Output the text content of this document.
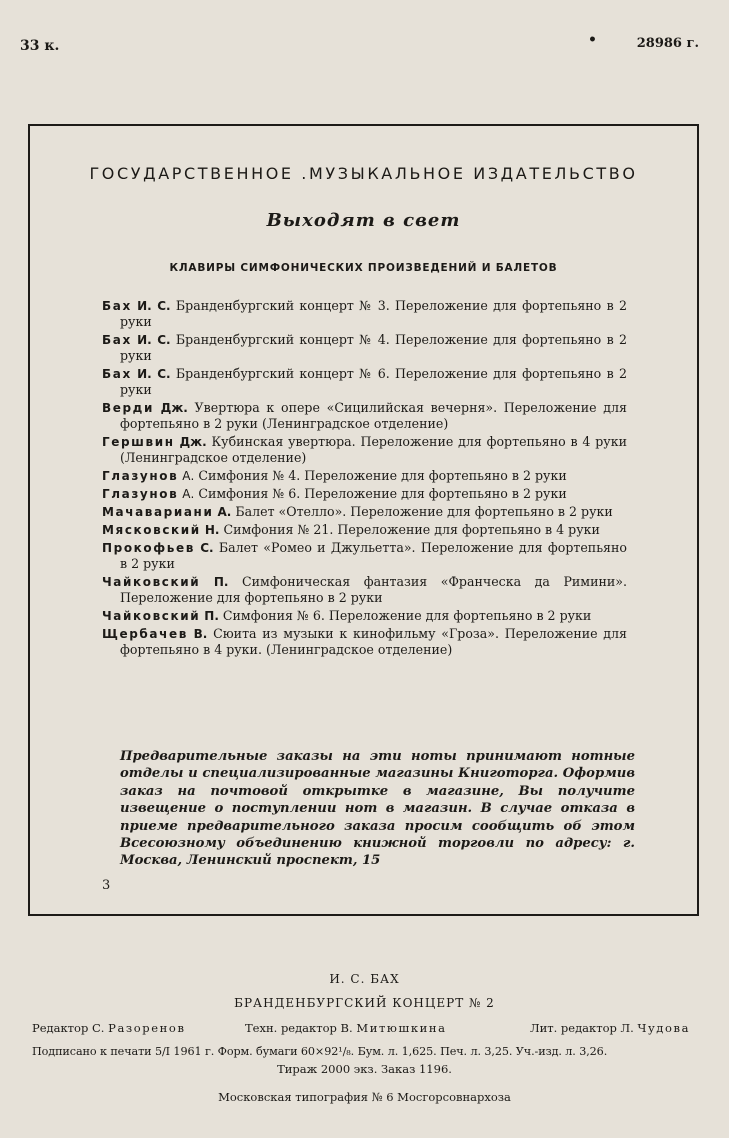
33 к.	•	28986 г.
ГОСУДАРСТВЕННОЕ .МУЗЫКАЛЬНОЕ ИЗДАТЕЛЬСТВО
Выходят в свет
КЛАВИРЫ СИМФОНИЧЕСКИХ ПРОИЗВЕДЕНИЙ И БАЛЕТОВ
Бах И. С. Бранденбургский концерт № 3. Переложение для фортепьяно в 2 руки
Бах И. С. Бранденбургский концерт № 4. Переложение для фортепьяно в 2 руки
Бах И. С. Бранденбургский концерт № 6. Переложение для фортепьяно в 2 руки
Верди Дж. Увертюра к опере «Сицилийская вечерня». Переложение для фортепьяно в 2 руки (Ленинградское отделение)
Гершвин Дж. Кубинская увертюра. Переложение для фортепьяно в 4 руки (Ленинградское отделение)
Глазунов А. Симфония № 4. Переложение для фортепьяно в 2 руки
Глазунов А. Симфония № 6. Переложение для фортепьяно в 2 руки
Мачавариани А. Балет «Отелло». Переложение для фортепьяно в 2 руки
Мясковский Н. Симфония № 21. Переложение для фортепьяно в 4 руки
Прокофьев С. Балет «Ромео и Джульетта». Переложение для фортепьяно в 2 руки
Чайковский П. Симфоническая фантазия «Франческа да Римини». Переложение для фортепьяно в 2 руки
Чайковский П. Симфония № 6. Переложение для фортепьяно в 2 руки
Щербачев В. Сюита из музыки к кинофильму «Гроза». Переложение для фортепьяно в 4 руки. (Ленинградское отделение)
Предварительные заказы на эти ноты принимают нотные отделы и специализированные магазины Книготорга. Оформив заказ на почтовой открытке в магазине, Вы получите извещение о поступлении нот в магазин. В случае отказа в приеме предварительного заказа просим сообщить об этом Всесоюзному объединению книжной торговли по адресу: г. Москва, Ленинский проспект, 15
3
И. С. БАХ
БРАНДЕНБУРГСКИЙ КОНЦЕРТ № 2
Редактор С. Разоренов	Техн. редактор В. Митюшкина	Лит. редактор Л. Чудова
Подписано к печати 5/I 1961 г. Форм. бумаги 60×92¹/₈. Бум. л. 1,625. Печ. л. 3,25. Уч.-изд. л. 3,26.
Тираж 2000 экз. Заказ 1196.
Московская типография № 6 Мосгорсовнархоза
